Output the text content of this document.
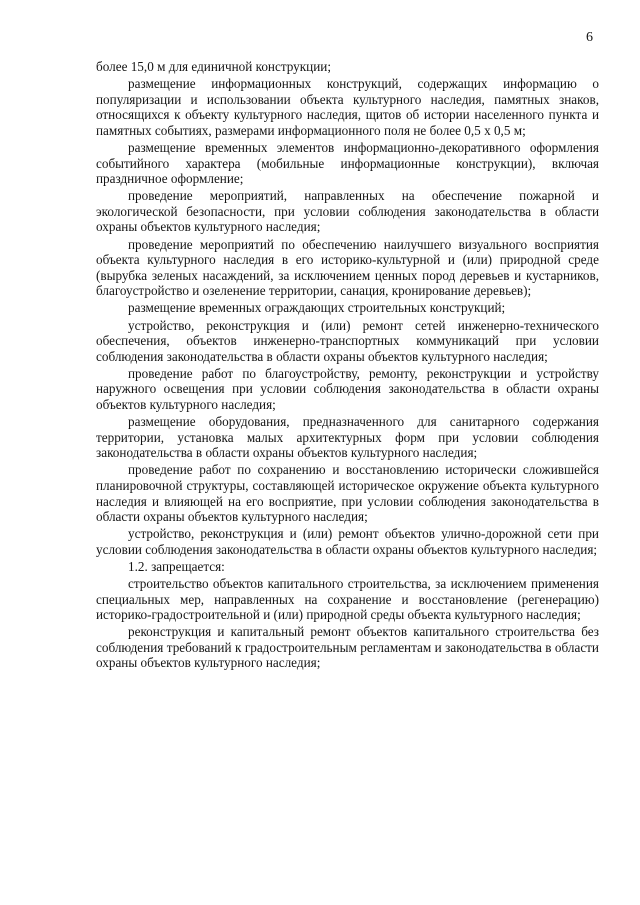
6

более 15,0 м для единичной конструкции;

размещение информационных конструкций, содержащих информацию о популяризации и использовании объекта культурного наследия, памятных знаков, относящихся к объекту культурного наследия, щитов об истории населенного пункта и памятных событиях, размерами информационного поля не более 0,5 х 0,5 м;

размещение временных элементов информационно-декоративного оформления событийного характера (мобильные информационные конструкции), включая праздничное оформление;

проведение мероприятий, направленных на обеспечение пожарной и экологической безопасности, при условии соблюдения законодательства в области охраны объектов культурного наследия;

проведение мероприятий по обеспечению наилучшего визуального восприятия объекта культурного наследия в его историко-культурной и (или) природной среде (вырубка зеленых насаждений, за исключением ценных пород деревьев и кустарников, благоустройство и озеленение территории, санация, кронирование деревьев);

размещение временных ограждающих строительных конструкций;

устройство, реконструкция и (или) ремонт сетей инженерно-технического обеспечения, объектов инженерно-транспортных коммуникаций при условии соблюдения законодательства в области охраны объектов культурного наследия;

проведение работ по благоустройству, ремонту, реконструкции и устройству наружного освещения при условии соблюдения законодательства в области охраны объектов культурного наследия;

размещение оборудования, предназначенного для санитарного содержания территории, установка малых архитектурных форм при условии соблюдения законодательства в области охраны объектов культурного наследия;

проведение работ по сохранению и восстановлению исторически сложившейся планировочной структуры, составляющей историческое окружение объекта культурного наследия и влияющей на его восприятие, при условии соблюдения законодательства в области охраны объектов культурного наследия;

устройство, реконструкция и (или) ремонт объектов улично-дорожной сети при условии соблюдения законодательства в области охраны объектов культурного наследия;

1.2. запрещается:

строительство объектов капитального строительства, за исключением применения специальных мер, направленных на сохранение и восстановление (регенерацию) историко-градостроительной и (или) природной среды объекта культурного наследия;

реконструкция и капитальный ремонт объектов капитального строительства без соблюдения требований к градостроительным регламентам и законодательства в области охраны объектов культурного наследия;
